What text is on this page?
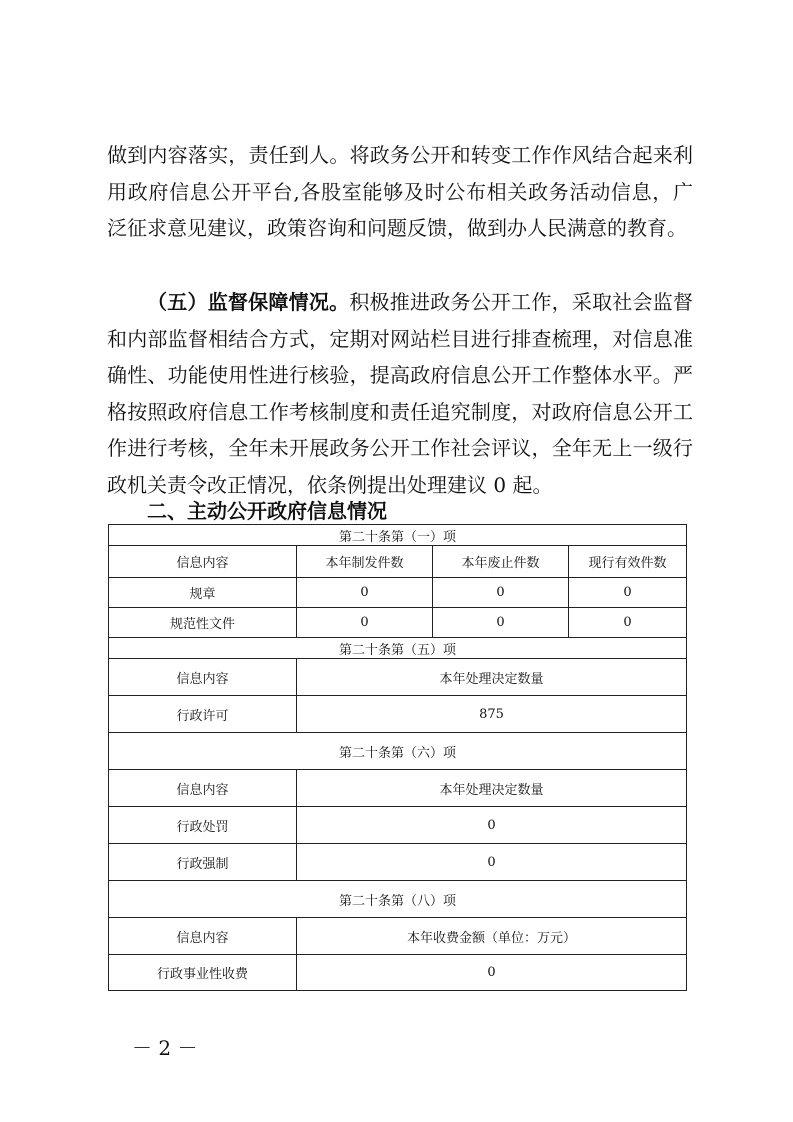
做到内容落实，责任到人。将政务公开和转变工作作风结合起来利用政府信息公开平台,各股室能够及时公布相关政务活动信息，广泛征求意见建议，政策咨询和问题反馈，做到办人民满意的教育。

（五）监督保障情况。积极推进政务公开工作，采取社会监督和内部监督相结合方式，定期对网站栏目进行排查梳理，对信息准确性、功能使用性进行核验，提高政府信息公开工作整体水平。严格按照政府信息工作考核制度和责任追究制度，对政府信息公开工作进行考核，全年未开展政务公开工作社会评议，全年无上一级行政机关责令改正情况，依条例提出处理建议 0 起。

二、主动公开政府信息情况

第二十条第（一）项			
信息内容	本年制发件数	本年废止件数	现行有效件数
规章	0	0	0
规范性文件	0	0	0
第二十条第（五）项			
信息内容	本年处理决定数量		
行政许可	875		
第二十条第（六）项			
信息内容	本年处理决定数量		
行政处罚	0		
行政强制	0		
第二十条第（八）项			
信息内容	本年收费金额（单位：万元）		
行政事业性收费	0		

－ 2 －
